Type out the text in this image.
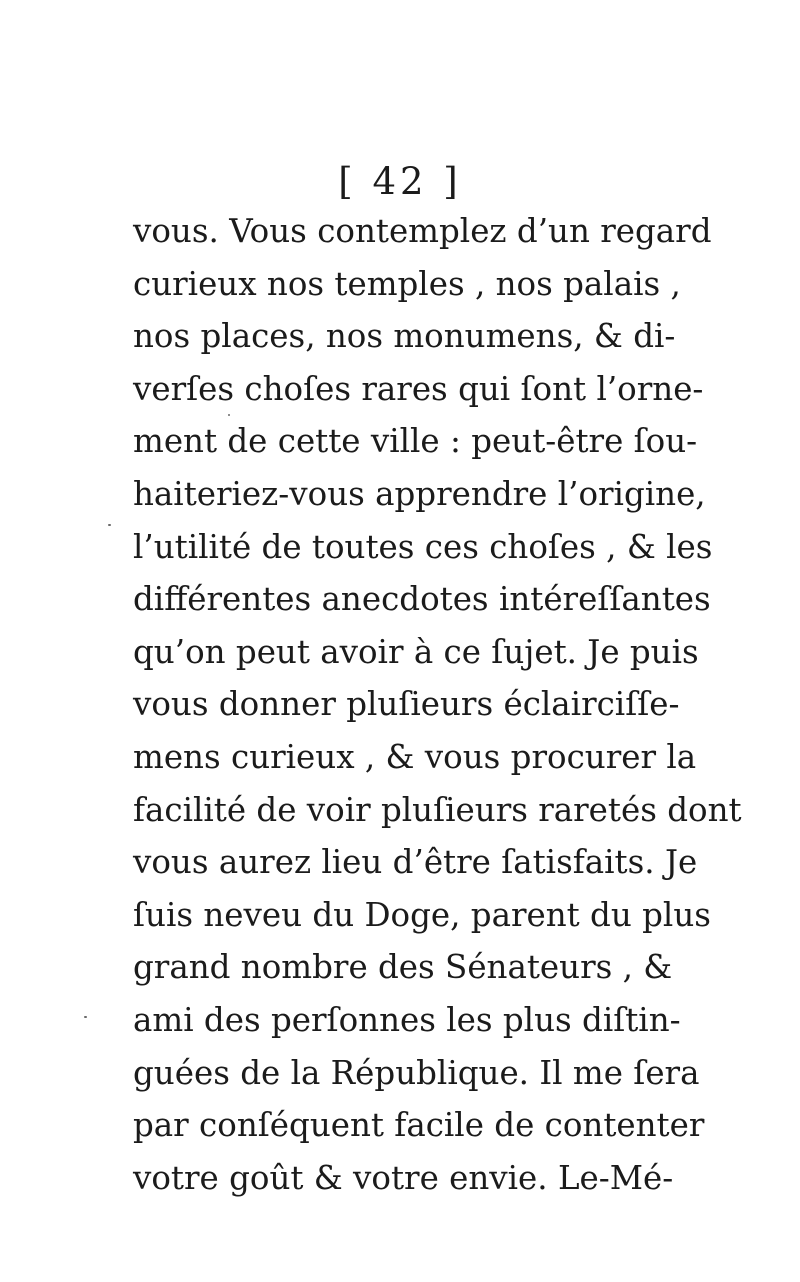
[ 42 ]
vous. Vous contemplez d’un regard
curieux nos temples , nos palais ,
nos places, nos monumens, & di-
verſes choſes rares qui ſont l’orne-
ment de cette ville : peut-être ſou-
haiteriez-vous apprendre l’origine,
l’utilité de toutes ces choſes , & les
différentes anecdotes intéreſſantes
qu’on peut avoir à ce ſujet. Je puis
vous donner pluſieurs éclairciſſe-
mens curieux , & vous procurer la
facilité de voir pluſieurs raretés dont
vous aurez lieu d’être ſatisfaits. Je
ſuis neveu du Doge, parent du plus
grand nombre des Sénateurs , &
ami des perſonnes les plus diſtin-
guées de la République. Il me ſera
par conſéquent facile de contenter
votre goût & votre envie. Le-Mé-
